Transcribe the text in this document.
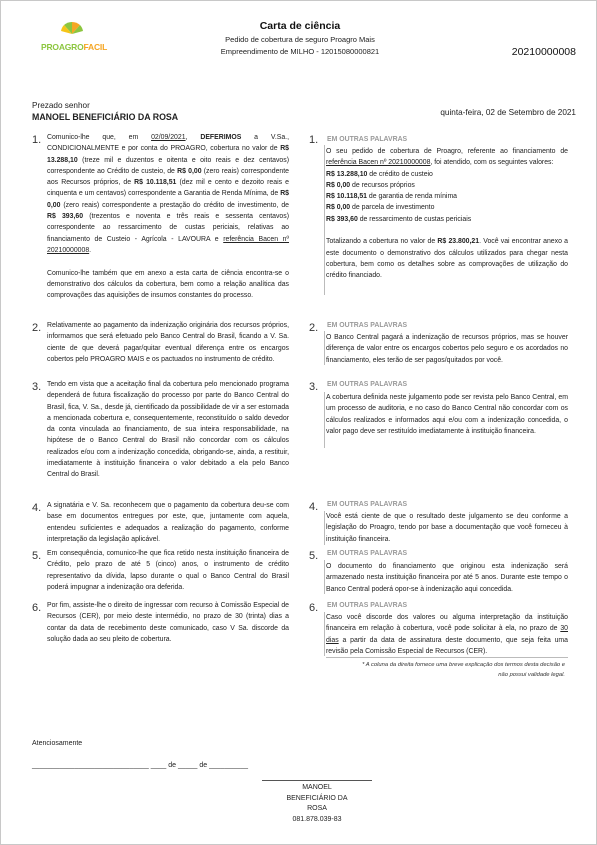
PROAGROFACIL
Carta de ciência
Pedido de cobertura de seguro Proagro Mais
Empreendimento de MILHO - 12015080000821	20210000008
Prezado senhor
MANOEL BENEFICIÁRIO DA ROSA	quinta-feira, 02 de Setembro de 2021
1. Comunico-lhe que, em 02/09/2021, DEFERIMOS a V.Sa., CONDICIONALMENTE e por conta do PROAGRO, cobertura no valor de R$ 13.288,10 (treze mil e duzentos e oitenta e oito reais e dez centavos) correspondente ao Crédito de custeio, de R$ 0,00 (zero reais) correspondente aos Recursos próprios, de R$ 10.118,51 (dez mil e cento e dezoito reais e cinquenta e um centavos) correspondente a Garantia de Renda Mínima, de R$ 0,00 (zero reais) correspondente a prestação do crédito de investimento, de R$ 393,60 (trezentos e noventa e três reais e sessenta centavos) correspondente ao ressarcimento de custas periciais, relativas ao financiamento de Custeio - Agrícola - LAVOURA e referência Bacen nº 20210000008.

Comunico-lhe também que em anexo a esta carta de ciência encontra-se o demonstrativo dos cálculos da cobertura, bem como a relação analítica das comprovações das aquisições de insumos constantes do processo.
2. Relativamente ao pagamento da indenização originária dos recursos próprios, informamos que será efetuado pelo Banco Central do Brasil, ficando a V. Sa. ciente de que deverá pagar/quitar eventual diferença entre os encargos cobertos pelo PROAGRO MAIS e os pactuados no instrumento de crédito.
3. Tendo em vista que a aceitação final da cobertura pelo mencionado programa dependerá de futura fiscalização do processo por parte do Banco Central do Brasil, fica, V. Sa., desde já, cientificado da possibilidade de vir a ser estornada a mencionada cobertura e, consequentemente, reconstituído o saldo devedor da conta vinculada ao financiamento, de sua inteira responsabilidade, na hipótese de o Banco Central do Brasil não concordar com os cálculos realizados e/ou com a indenização concedida, obrigando-se, ainda, a restituir, imediatamente à instituição financeira o valor debitado a ela pelo Banco Central do Brasil.
4. A signatária e V. Sa. reconhecem que o pagamento da cobertura deu-se com base em documentos entregues por este, que, juntamente com aquela, entendeu suficientes e adequados a realização do pagamento, conforme interpretação da legislação aplicável.
5. Em consequência, comunico-lhe que fica retido nesta instituição financeira de Crédito, pelo prazo de até 5 (cinco) anos, o instrumento de crédito representativo da dívida, lapso durante o qual o Banco Central do Brasil poderá impugnar a indenização ora deferida.
6. Por fim, assiste-lhe o direito de ingressar com recurso à Comissão Especial de Recursos (CER), por meio deste intermédio, no prazo de 30 (trinta) dias a contar da data de recebimento deste comunicado, caso V Sa. discorde da solução dada ao seu pleito de cobertura.
1. EM OUTRAS PALAVRAS
O seu pedido de cobertura de Proagro, referente ao financiamento de referência Bacen nº 20210000008, foi atendido, com os seguintes valores:
R$ 13.288,10 de crédito de custeio
R$ 0,00 de recursos próprios
R$ 10.118,51 de garantia de renda mínima
R$ 0,00 de parcela de investimento
R$ 393,60 de ressarcimento de custas periciais

Totalizando a cobertura no valor de R$ 23.800,21. Você vai encontrar anexo a este documento o demonstrativo dos cálculos utilizados para chegar nesta cobertura, bem como os detalhes sobre as comprovações de utilização do crédito financiado.
2. EM OUTRAS PALAVRAS
O Banco Central pagará a indenização de recursos próprios, mas se houver diferença de valor entre os encargos cobertos pelo seguro e os acordados no financiamento, eles terão de ser pagos/quitados por você.
3. EM OUTRAS PALAVRAS
A cobertura definida neste julgamento pode ser revista pelo Banco Central, em um processo de auditoria, e no caso do Banco Central não concordar com os cálculos realizados e informados aqui e/ou com a indenização concedida, o valor pago deve ser restituído imediatamente à instituição financeira.
4. EM OUTRAS PALAVRAS
Você está ciente de que o resultado deste julgamento se deu conforme a legislação do Proagro, tendo por base a documentação que você forneceu à instituição financeira.
5. EM OUTRAS PALAVRAS
O documento do financiamento que originou esta indenização será armazenado nesta instituição financeira por até 5 anos. Durante este tempo o Banco Central poderá opor-se à indenização aqui concedida.
6. EM OUTRAS PALAVRAS
Caso você discorde dos valores ou alguma interpretação da instituição financeira em relação à cobertura, você pode solicitar à ela, no prazo de 30 dias a partir da data de assinatura deste documento, que seja feita uma revisão pela Comissão Especial de Recursos (CER).
* A coluna da direita fornece uma breve explicação dos termos desta decisão e
não possui validade legal.
Atenciosamente
______________________________ ____ de _____ de __________
MANOEL
BENEFICIÁRIO DA
ROSA
081.878.039-83
